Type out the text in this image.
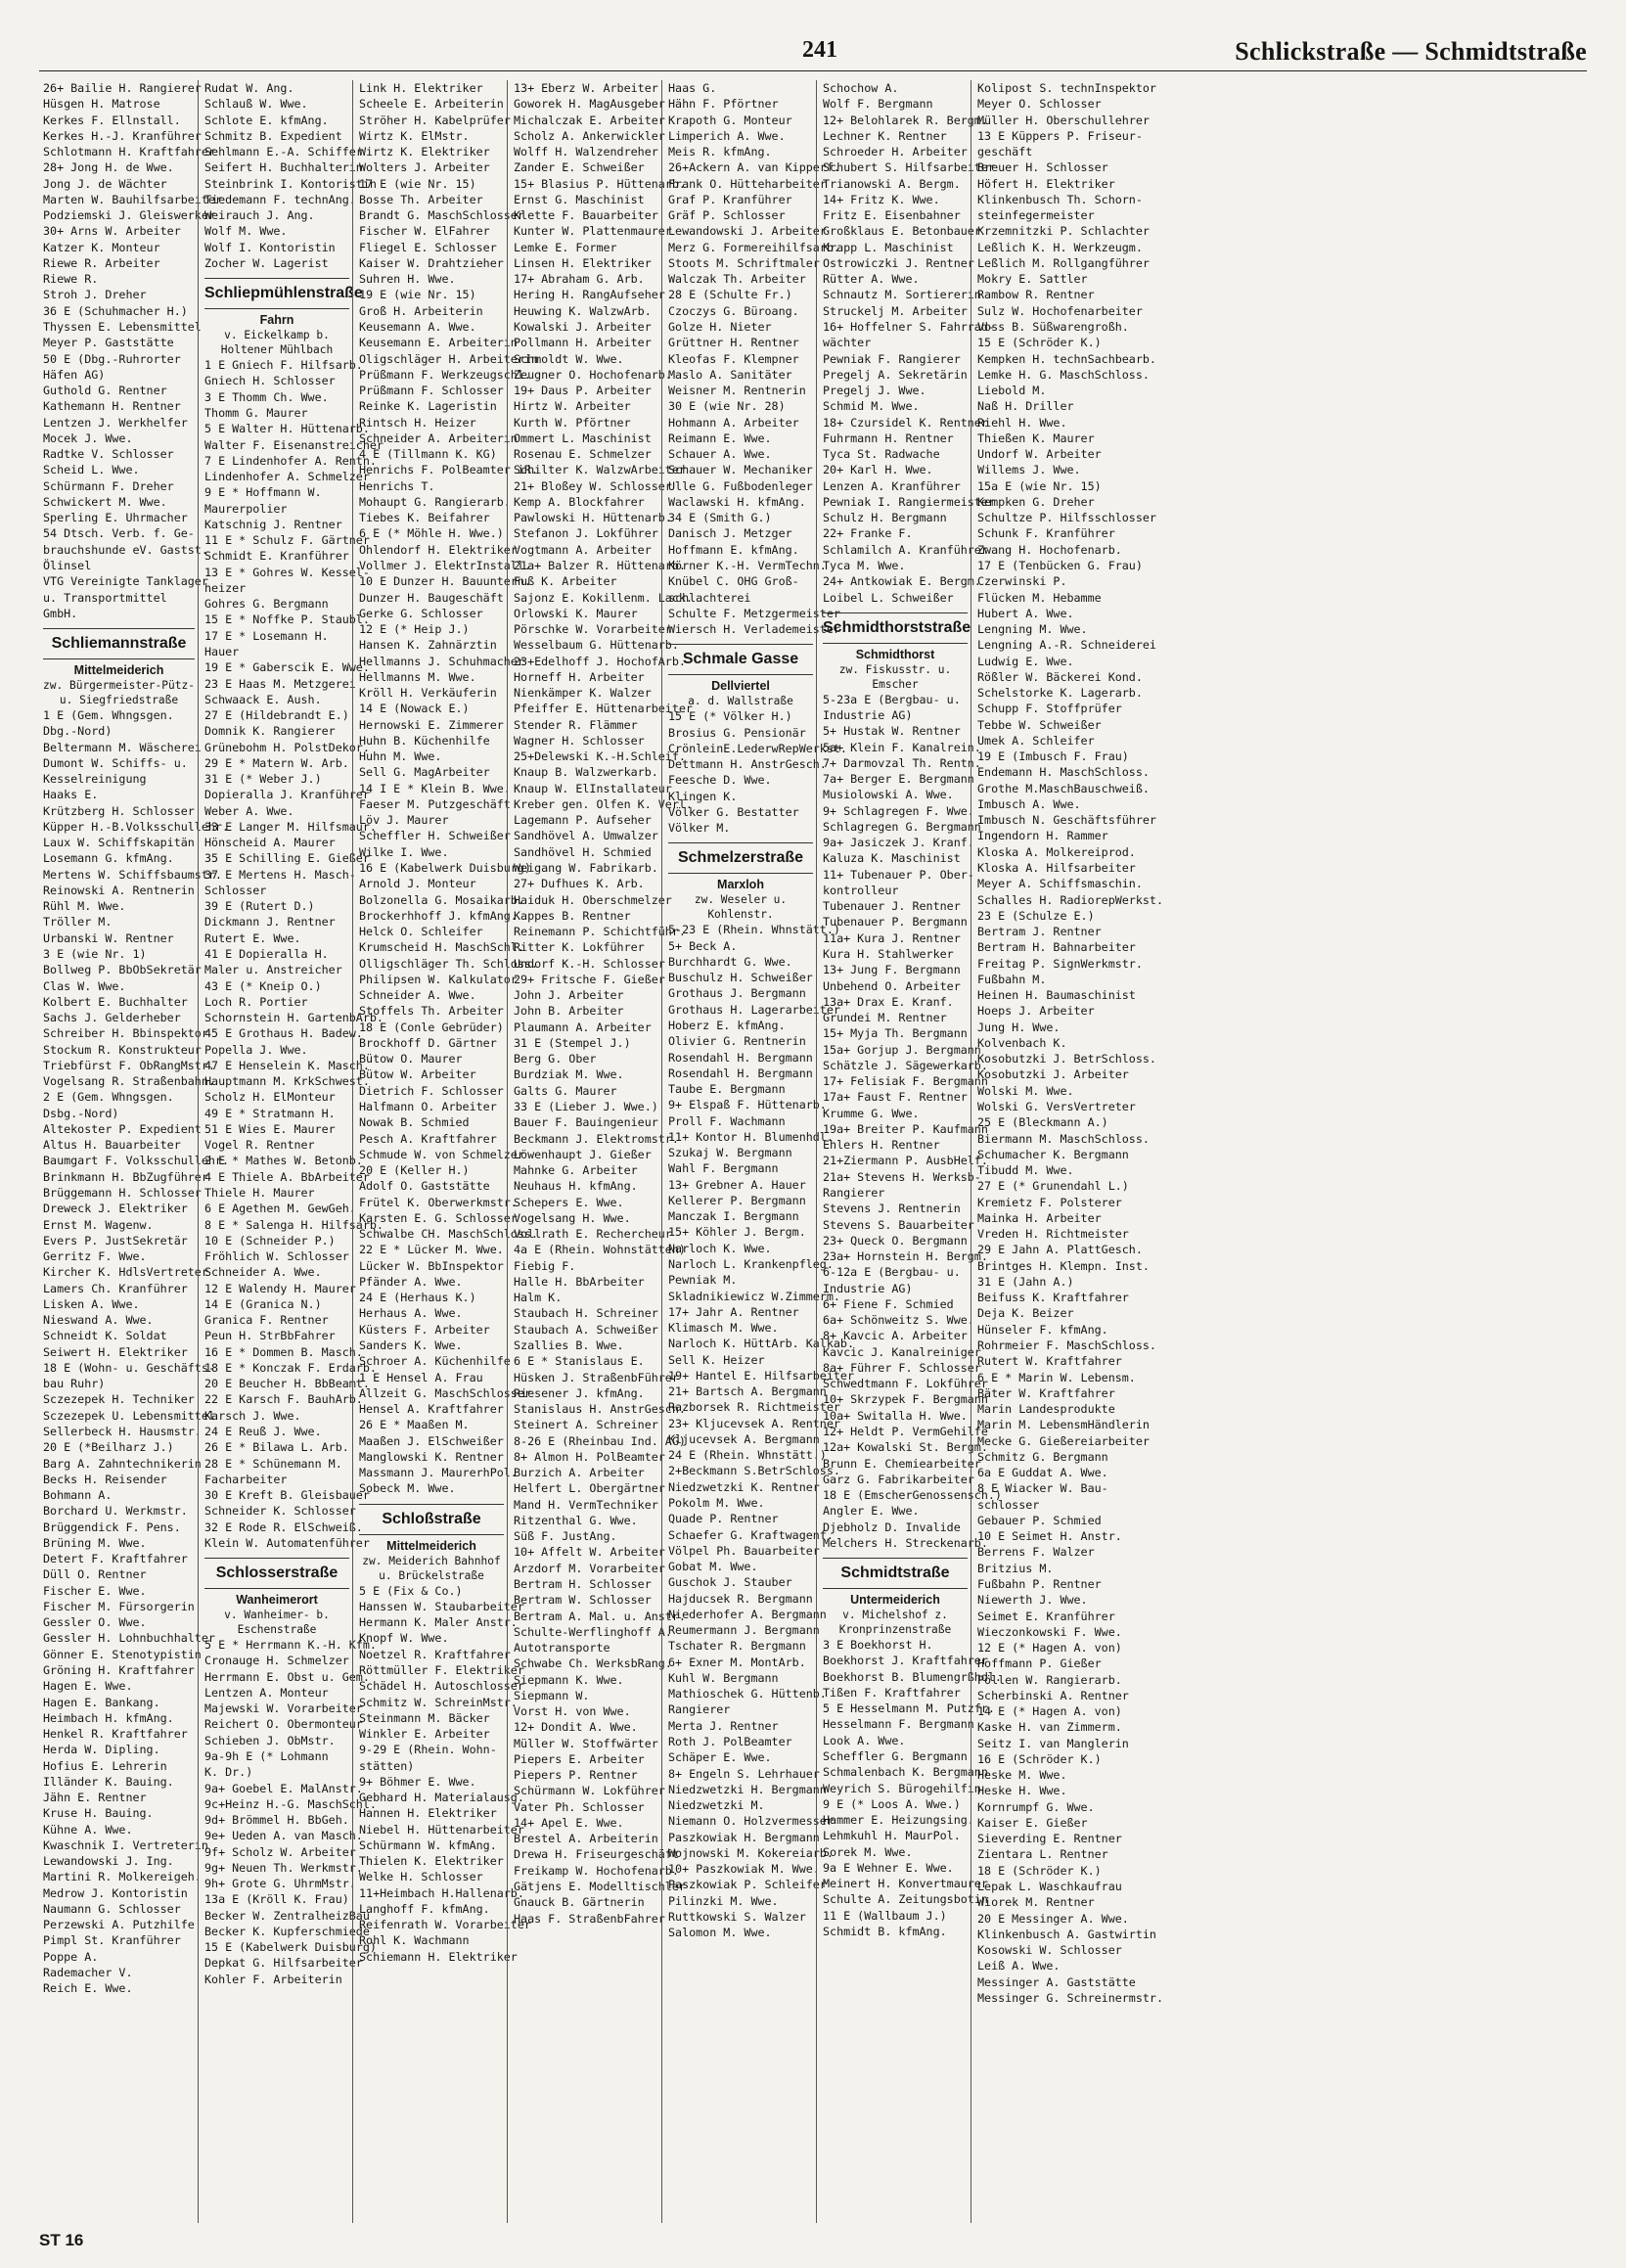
241	Schlickstraße — Schmidtstraße
26+ Bailie H. Rangierer
Hüsgen H. Matrose
Kerkes F. Ellnstall.
Kerkes H.-J. Kranführer
Schlotmann H. Kraftfahrer
28+ Jong H. de Wwe.
Jong J. de Wächter
Marten W. Bauhilfsarbeiter
Podziemski J. Gleiswerker
30+ Arns W. Arbeiter
Katzer K. Monteur
Riewe R. Arbeiter
Riewe R.
Stroh J. Dreher
36 E (Schuhmacher H.)
Thyssen E. Lebensmittel
Meyer P. Gaststätte
50 E (Dbg.-Ruhrorter
Häfen AG)
Guthold G. Rentner
Kathemann H. Rentner
Lentzen J. Werkhelfer
Mocek J. Wwe.
Radtke V. Schlosser
Scheid L. Wwe.
Schürmann F. Dreher
Schwickert M. Wwe.
Sperling E. Uhrmacher
54 Dtsch. Verb. f. Ge-
brauchshunde eV. Gastst.
Ölinsel
VTG Vereinigte Tanklager
u. Transportmittel
GmbH.
Schliemannstraße
Mittelmeiderich
zw. Bürgermeister-Pütz- u. Siegfriedstraße
1 E (Gem. Whngsgen.
Dbg.-Nord)
Beltermann M. Wäscherei
Dumont W. Schiffs- u.
Kesselreinigung
Haaks E.
Krützberg H. Schlosser
Küpper H.-B.Volksschullehr.
Laux W. Schiffskapitän
Losemann G. kfmAng.
Mertens W. Schiffsbaumstr.
Reinowski A. Rentnerin
Rühl M. Wwe.
Tröller M.
Urbanski W. Rentner
3 E (wie Nr. 1)
Bollweg P. BbObSekretär
Clas W. Wwe.
Kolbert E. Buchhalter
Sachs J. Gelderheber
Schreiber H. Bbinspektor
Stockum R. Konstrukteur
Triebfürst F. ObRangMstr.
Vogelsang R. Straßenbahn.
2 E (Gem. Whngsgen.
Dsbg.-Nord)
Altekoster P. Expedient
Altus H. Bauarbeiter
Baumgart F. Volksschullehr.
Brinkmann H. BbZugführer
Brüggemann H. Schlosser
Dreweck J. Elektriker
Ernst M. Wagenw.
Evers P. JustSekretär
Gerritz F. Wwe.
Kircher K. HdlsVertreter
Lamers Ch. Kranführer
Lisken A. Wwe.
Nieswand A. Wwe.
Schneidt K. Soldat
Seiwert H. Elektriker
18 E (Wohn- u. Geschäfts-
bau Ruhr)
Sczezepek H. Techniker
Sczezepek U. Lebensmittel
Sellerbeck H. Hausmstr.
20 E (*Beilharz J.)
Barg A. Zahntechnikerin
Becks H. Reisender
Bohmann A.
Borchard U. Werkmstr.
Brüggendick F. Pens.
Brüning M. Wwe.
Detert F. Kraftfahrer
Düll O. Rentner
Fischer E. Wwe.
Fischer M. Fürsorgerin
Gessler O. Wwe.
Gessler H. Lohnbuchhalter
Gönner E. Stenotypistin
Gröning H. Kraftfahrer
Hagen E. Wwe.
Hagen E. Bankang.
Heimbach H. kfmAng.
Henkel R. Kraftfahrer
Herda W. Dipling.
Hofius E. Lehrerin
Illänder K. Bauing.
Jähn E. Rentner
Kruse H. Bauing.
Kühne A. Wwe.
Kwaschnik I. Vertreterin
Lewandowski J. Ing.
Martini R. Molkereigeh.
Medrow J. Kontoristin
Naumann G. Schlosser
Perzewski A. Putzhilfe
Pimpl St. Kranführer
Poppe A.
Rademacher V.
Reich E. Wwe.
Rudat W. Ang.
Schlauß W. Wwe.
Schlote E. kfmAng.
Schmitz B. Expedient
Sehlmann E.-A. Schiffer
Seifert H. Buchhalterin
Steinbrink I. Kontoristin
Tiedemann F. technAng.
Weirauch J. Ang.
Wolf M. Wwe.
Wolf I. Kontoristin
Zocher W. Lagerist
Schliepmühlenstraße
Fahrn
v. Eickelkamp b. Holtener Mühlbach
1 E Gniech F. Hilfsarb.
Gniech H. Schlosser
3 E Thomm Ch. Wwe.
Thomm G. Maurer
5 E Walter H. Hüttenarb.
Walter F. Eisenanstreicher
7 E Lindenhofer A. Rentn.
Lindenhofer A. Schmelzer
9 E * Hoffmann W.
Maurerpolier
Katschnig J. Rentner
11 E * Schulz F. Gärtner
Schmidt E. Kranführer
13 E * Gohres W. Kessel-
heizer
Gohres G. Bergmann
15 E * Noffke P. Staubl.
17 E * Losemann H.
Hauer
19 E * Gaberscik E. Wwe.
23 E Haas M. Metzgerei
Schwaack E. Aush.
27 E (Hildebrandt E.)
Domnik K. Rangierer
Grünebohm H. PolstDekor.
29 E * Matern W. Arb.
31 E (* Weber J.)
Dopieralla J. Kranführer
Weber A. Wwe.
33 E Langer M. Hilfsmaur.
Hönscheid A. Maurer
35 E Schilling E. Gießer
37 E Mertens H. Masch-
Schlosser
39 E (Rutert D.)
Dickmann J. Rentner
Rutert E. Wwe.
41 E Dopieralla H.
Maler u. Anstreicher
43 E (* Kneip O.)
Loch R. Portier
Schornstein H. GartenbArb.
45 E Grothaus H. Badew.
Popella J. Wwe.
47 E Henselein K. Masch.
Hauptmann M. KrkSchwest.
Scholz H. ElMonteur
49 E * Stratmann H.
51 E Wies E. Maurer
Vogel R. Rentner
2 E * Mathes W. Betonb.
4 E Thiele A. BbArbeiter
Thiele H. Maurer
6 E Agethen M. GewGeh.
8 E * Salenga H. Hilfsarb.
10 E (Schneider P.)
Fröhlich W. Schlosser
Schneider A. Wwe.
12 E Walendy H. Maurer
14 E (Granica N.)
Granica F. Rentner
Peun H. StrBbFahrer
16 E * Dommen B. Masch.
18 E * Konczak F. Erdarb.
20 E Beucher H. BbBeamt.
22 E Karsch F. BauhArb.
Karsch J. Wwe.
24 E Reuß J. Wwe.
26 E * Bilawa L. Arb.
28 E * Schünemann M.
Facharbeiter
30 E Kreft B. Gleisbauer
Schneider K. Schlosser
32 E Rode R. ElSchweiß.
Klein W. Automatenführer
Schlosserstraße
Wanheimerort
v. Wanheimer- b. Eschenstraße
5 E * Herrmann K.-H. Kfm.
Cronauge H. Schmelzer
Herrmann E. Obst u. Gem.
Lentzen A. Monteur
Majewski W. Vorarbeiter
Reichert O. Obermonteur
Schieben J. ObMstr.
9a-9h E (* Lohmann
K. Dr.)
9a+ Goebel E. MalAnstr.
9c+Heinz H.-G. MaschSchl.
9d+ Brömmel H. BbGeh.
9e+ Ueden A. van Masch.
9f+ Scholz W. Arbeiter
9g+ Neuen Th. Werkmstr.
9h+ Grote G. UhrmMstr.
13a E (Kröll K. Frau)
Becker W. ZentralheizBau
Becker K. Kupferschmiede
15 E (Kabelwerk Duisburg)
Depkat G. Hilfsarbeiter
Kohler F. Arbeiterin
Link H. Elektriker
Scheele E. Arbeiterin
Ströher H. Kabelprüfer
Wirtz K. ElMstr.
Wirtz K. Elektriker
Wolters J. Arbeiter
17 E (wie Nr. 15)
Bosse Th. Arbeiter
Brandt G. MaschSchlosser
Fischer W. ElFahrer
Fliegel E. Schlosser
Kaiser W. Drahtzieher
Suhren H. Wwe.
19 E (wie Nr. 15)
Groß H. Arbeiterin
Keusemann A. Wwe.
Keusemann E. Arbeiterin
Oligschläger H. Arbeiterin
Prüßmann F. Werkzeugschl.
Prüßmann F. Schlosser
Reinke K. Lageristin
Rintsch H. Heizer
Schneider A. Arbeiterin
4 E (Tillmann K. KG)
Henrichs F. PolBeamter iR.
Henrichs T.
Mohaupt G. Rangierarb.
Tiebes K. Beifahrer
6 E (* Möhle H. Wwe.)
Ohlendorf H. Elektriker
Vollmer J. ElektrInstall.
10 E Dunzer H. Bauuntern.
Dunzer H. Baugeschäft
Gerke G. Schlosser
12 E (* Heip J.)
Hansen K. Zahnärztin
Hellmanns J. Schuhmacher
Hellmanns M. Wwe.
Kröll H. Verkäuferin
14 E (Nowack E.)
Hernowski E. Zimmerer
Huhn B. Küchenhilfe
Huhn M. Wwe.
Sell G. MagArbeiter
14 I E * Klein B. Wwe.
Faeser M. Putzgeschäft
Löv J. Maurer
Scheffler H. Schweißer
Wilke I. Wwe.
16 E (Kabelwerk Duisburg)
Arnold J. Monteur
Bolzonella G. Mosaikarb.
Brockerhhoff J. kfmAng.
Helck O. Schleifer
Krumscheid H. MaschSchl.
Olligschläger Th. Schloss.
Philipsen W. Kalkulator
Schneider A. Wwe.
Stoffels Th. Arbeiter
18 E (Conle Gebrüder)
Brockhoff D. Gärtner
Bütow O. Maurer
Bütow W. Arbeiter
Dietrich F. Schlosser
Halfmann O. Arbeiter
Nowak B. Schmied
Pesch A. Kraftfahrer
Schmude W. von Schmelzer
20 E (Keller H.)
Adolf O. Gaststätte
Frütel K. Oberwerkmstr.
Karsten E. G. Schlosser
Schwalbe CH. MaschSchloss.
22 E * Lücker M. Wwe.
Lücker W. BbInspektor
Pfänder A. Wwe.
24 E (Herhaus K.)
Herhaus A. Wwe.
Küsters F. Arbeiter
Sanders K. Wwe.
Schroer A. Küchenhilfe
1 E Hensel A. Frau
Allzeit G. MaschSchlosser
Hensel A. Kraftfahrer
26 E * Maaßen M.
Maaßen J. ElSchweißer
Manglowski K. Rentner
Massmann J. MaurerhPol.
Sobeck M. Wwe.
Schloßstraße
Mittelmeiderich
zw. Meiderich Bahnhof u. Brückelstraße
5 E (Fix & Co.)
Hanssen W. Staubarbeiter
Hermann K. Maler Anstr.
Knopf W. Wwe.
Noetzel R. Kraftfahrer
Röttmüller F. Elektriker
Schädel H. Autoschlosser
Schmitz W. SchreinMstr.
Steinmann M. Bäcker
Winkler E. Arbeiter
9-29 E (Rhein. Wohn-
stätten)
9+ Böhmer E. Wwe.
Gebhard H. Materialausg.
Hannen H. Elektriker
Niebel H. Hüttenarbeiter
Schürmann W. kfmAng.
Thielen K. Elektriker
Welke H. Schlosser
11+Heimbach H.Hallenarb.
Langhoff F. kfmAng.
Reifenrath W. Vorarbeiter
Rohl K. Wachmann
Schiemann H. Elektriker
13+ Eberz W. Arbeiter
Goworek H. MagAusgeber
Michalczak E. Arbeiter
Scholz A. Ankerwickler
Wolff H. Walzendreher
Zander E. Schweißer
15+ Blasius P. Hüttenarb.
Ernst G. Maschinist
Klette F. Bauarbeiter
Kunter W. Plattenmaurer
Lemke E. Former
Linsen H. Elektriker
17+ Abraham G. Arb.
Hering H. RangAufseher
Heuwing K. WalzwArb.
Kowalski J. Arbeiter
Pollmann H. Arbeiter
Schmoldt W. Wwe.
Zeugner O. Hochofenarb.
19+ Daus P. Arbeiter
Hirtz W. Arbeiter
Kurth W. Pförtner
Ommert L. Maschinist
Rosenau E. Schmelzer
Schilter K. WalzwArbeiter
21+ Bloßey W. Schlosser
Kemp A. Blockfahrer
Pawlowski H. Hüttenarb.
Stefanon J. Lokführer
Vogtmann A. Arbeiter
21a+ Balzer R. Hüttenarb.
Fuß K. Arbeiter
Sajonz E. Kokillenm. Lack.
Orlowski K. Maurer
Pörschke W. Vorarbeiter
Wesselbaum G. Hüttenarb.
23+Edelhoff J. HochofArb.
Horneff H. Arbeiter
Nienkämper K. Walzer
Pfeiffer E. Hüttenarbeiter
Stender R. Flämmer
Wagner H. Schlosser
25+Delewski K.-H.Schleif.
Knaup B. Walzwerkarb.
Knaup W. ElInstallateur
Kreber gen. Olfen K. Verl.
Lagemann P. Aufseher
Sandhövel A. Umwalzer
Sandhövel H. Schmied
Weigang W. Fabrikarb.
27+ Dufhues K. Arb.
Haiduk H. Oberschmelzer
Kappes B. Rentner
Reinemann P. Schichtführ.
Ritter K. Lokführer
Undorf K.-H. Schlosser
29+ Fritsche F. Gießer
John J. Arbeiter
John B. Arbeiter
Plaumann A. Arbeiter
31 E (Stempel J.)
Berg G. Ober
Burdziak M. Wwe.
Galts G. Maurer
33 E (Lieber J. Wwe.)
Bauer F. Bauingenieur
Beckmann J. Elektromstr.
Löwenhaupt J. Gießer
Mahnke G. Arbeiter
Neuhaus H. kfmAng.
Schepers E. Wwe.
Vogelsang H. Wwe.
Vollrath E. Rechercheur
4a E (Rhein. Wohnstätten)
Fiebig F.
Halle H. BbArbeiter
Halm K.
Staubach H. Schreiner
Staubach A. Schweißer
Szallies B. Wwe.
6 E * Stanislaus E.
Hüsken J. StraßenbFührer
Riesener J. kfmAng.
Stanislaus H. AnstrGesch.
Steinert A. Schreiner
8-26 E (Rheinbau Ind. AG)
8+ Almon H. PolBeamter
Burzich A. Arbeiter
Helfert L. Obergärtner
Mand H. VermTechniker
Ritzenthal G. Wwe.
Süß F. JustAng.
10+ Affelt W. Arbeiter
Arzdorf M. Vorarbeiter
Bertram H. Schlosser
Bertram W. Schlosser
Bertram A. Mal. u. Anstr.
Schulte-Werflinghoff A.
Autotransporte
Schwabe Ch. WerksbRang.
Siepmann K. Wwe.
Siepmann W.
Vorst H. von Wwe.
12+ Dondit A. Wwe.
Müller W. Stoffwärter
Piepers E. Arbeiter
Piepers P. Rentner
Schürmann W. Lokführer
Vater Ph. Schlosser
14+ Apel E. Wwe.
Brestel A. Arbeiterin
Drewa H. Friseurgeschäft
Freikamp W. Hochofenarb.
Gätjens E. Modelltischler
Gnauck B. Gärtnerin
Haas F. StraßenbFahrer
Haas G.
Hähn F. Pförtner
Krapoth G. Monteur
Limperich A. Wwe.
Meis R. kfmAng.
26+Ackern A. van Kipperf.
Frank O. Hütteharbeiter
Graf P. Kranführer
Gräf P. Schlosser
Lewandowski J. Arbeiter
Merz G. Formereihilfsarb.
Stoots M. Schriftmaler
Walczak Th. Arbeiter
28 E (Schulte Fr.)
Czoczys G. Büroang.
Golze H. Nieter
Grüttner H. Rentner
Kleofas F. Klempner
Maslo A. Sanitäter
Weisner M. Rentnerin
30 E (wie Nr. 28)
Hohmann A. Arbeiter
Reimann E. Wwe.
Schauer A. Wwe.
Schauer W. Mechaniker
Ulle G. Fußbodenleger
Waclawski H. kfmAng.
34 E (Smith G.)
Danisch J. Metzger
Hoffmann E. kfmAng.
Körner K.-H. VermTechn.
Knübel C. OHG Groß-
schlachterei
Schulte F. Metzgermeister
Wiersch H. Verlademeister
Schmale Gasse
Dellviertel
a. d. Wallstraße
15 E (* Völker H.)
Brosius G. Pensionär
CrönleinE.LederwRepWerkst.
Dettmann H. AnstrGesch.
Feesche D. Wwe.
Klingen K.
Völker G. Bestatter
Völker M.
Schmelzerstraße
Marxloh
zw. Weseler u. Kohlenstr.
5-23 E (Rhein. Whnstätt.)
5+ Beck A.
Burchhardt G. Wwe.
Buschulz H. Schweißer
Grothaus J. Bergmann
Grothaus H. Lagerarbeiter
Hoberz E. kfmAng.
Olivier G. Rentnerin
Rosendahl H. Bergmann
Rosendahl H. Bergmann
Taube E. Bergmann
9+ Elspaß F. Hüttenarb.
Proll F. Wachmann
11+ Kontor H. Blumenhdl.
Szukaj W. Bergmann
Wahl F. Bergmann
13+ Grebner A. Hauer
Kellerer P. Bergmann
Manczak I. Bergmann
15+ Köhler J. Bergm.
Narloch K. Wwe.
Narloch L. Krankenpfleg.
Pewniak M.
Skladnikiewicz W.Zimmerm.
17+ Jahr A. Rentner
Klimasch M. Wwe.
Narloch K. HüttArb. Kalkab.
Sell K. Heizer
19+ Hantel E. Hilfsarbeiter
21+ Bartsch A. Bergmann
Razborsek R. Richtmeister
23+ Kljucevsek A. Rentner
Kljucevsek A. Bergmann
24 E (Rhein. Whnstätt.)
2+Beckmann S.BetrSchloss.
Niedzwetzki K. Rentner
Pokolm M. Wwe.
Quade P. Rentner
Schaefer G. Kraftwagenf.
Völpel Ph. Bauarbeiter
Gobat M. Wwe.
Guschok J. Stauber
Hajducsek R. Bergmann
Niederhofer A. Bergmann
Reumermann J. Bergmann
Tschater R. Bergmann
6+ Exner M. MontArb.
Kuhl W. Bergmann
Mathioschek G. Hüttenb.
Rangierer
Merta J. Rentner
Roth J. PolBeamter
Schäper E. Wwe.
8+ Engeln S. Lehrhauer
Niedzwetzki H. Bergmann
Niedzwetzki M.
Niemann O. Holzvermesser
Paszkowiak H. Bergmann
Wojnowski M. Kokereiarb.
10+ Paszkowiak M. Wwe.
Paszkowiak P. Schleifer
Pilinzki M. Wwe.
Ruttkowski S. Walzer
Salomon M. Wwe.
Schochow A.
Wolf F. Bergmann
12+ Belohlarek R. Bergm.
Lechner K. Rentner
Schroeder H. Arbeiter
Schubert S. Hilfsarbeiter
Trianowski A. Bergm.
14+ Fritz K. Wwe.
Fritz E. Eisenbahner
Großklaus E. Betonbauer
Krapp L. Maschinist
Ostrowiczki J. Rentner
Rütter A. Wwe.
Schnautz M. Sortiererin
Struckelj M. Arbeiter
16+ Hoffelner S. Fahrrad-
wächter
Pewniak F. Rangierer
Pregelj A. Sekretärin
Pregelj J. Wwe.
Schmid M. Wwe.
18+ Czursidel K. Rentner
Fuhrmann H. Rentner
Tyca St. Radwache
20+ Karl H. Wwe.
Lenzen A. Kranführer
Pewniak I. Rangiermeister
Schulz H. Bergmann
22+ Franke F.
Schlamilch A. Kranführer
Tyca M. Wwe.
24+ Antkowiak E. Bergm.
Loibel L. Schweißer
Schmidthorststraße
Schmidthorst
zw. Fiskusstr. u. Emscher
5-23a E (Bergbau- u.
Industrie AG)
5+ Hustak W. Rentner
5a+ Klein F. Kanalrein.
7+ Darmovzal Th. Rentn.
7a+ Berger E. Bergmann
Musiolowski A. Wwe.
9+ Schlagregen F. Wwe.
Schlagregen G. Bergmann
9a+ Jasiczek J. Kranf.
Kaluza K. Maschinist
11+ Tubenauer P. Ober-
kontrolleur
Tubenauer J. Rentner
Tubenauer P. Bergmann
11a+ Kura J. Rentner
Kura H. Stahlwerker
13+ Jung F. Bergmann
Unbehend O. Arbeiter
13a+ Drax E. Kranf.
Grundei M. Rentner
15+ Myja Th. Bergmann
15a+ Gorjup J. Bergmann
Schätzle J. Sägewerkarb.
17+ Felisiak F. Bergmann
17a+ Faust F. Rentner
Krumme G. Wwe.
19a+ Breiter P. Kaufmann
Ehlers H. Rentner
21+Ziermann P. AusbHelf.
21a+ Stevens H. Werksb-
Rangierer
Stevens J. Rentnerin
Stevens S. Bauarbeiter
23+ Queck O. Bergmann
23a+ Hornstein H. Bergm.
6-12a E (Bergbau- u.
Industrie AG)
6+ Fiene F. Schmied
6a+ Schönweitz S. Wwe.
8+ Kavcic A. Arbeiter
Kavcic J. Kanalreiniger
8a+ Führer F. Schlosser
Schwedtmann F. Lokführer
10+ Skrzypek F. Bergmann
10a+ Switalla H. Wwe.
12+ Heldt P. VermGehilfe
12a+ Kowalski St. Bergm.
Brunn E. Chemiearbeiter
Garz G. Fabrikarbeiter
18 E (EmscherGenossensch.)
Angler E. Wwe.
Djebholz D. Invalide
Melchers H. Streckenarb.
Schmidtstraße
Untermeiderich
v. Michelshof z. Kronprinzenstraße
3 E Boekhorst H.
Boekhorst J. Kraftfahrer
Boekhorst B. Blumengrßhdl.
Tißen F. Kraftfahrer
5 E Hesselmann M. Putzfr.
Hesselmann F. Bergmann
Look A. Wwe.
Scheffler G. Bergmann
Schmalenbach K. Bergmann
Weyrich S. Bürogehilfin
9 E (* Loos A. Wwe.)
Hammer E. Heizungsing.
Lehmkuhl H. MaurPol.
Sorek M. Wwe.
9a E Wehner E. Wwe.
Meinert H. Konvertmaurer
Schulte A. Zeitungsbotin
11 E (Wallbaum J.)
Schmidt B. kfmAng.
Kolipost S. technInspektor
Meyer O. Schlosser
Müller H. Oberschullehrer
13 E Küppers P. Friseur-
geschäft
Breuer H. Schlosser
Höfert H. Elektriker
Klinkenbusch Th. Schorn-
steinfegermeister
Krzemnitzki P. Schlachter
Leßlich K. H. Werkzeugm.
Leßlich M. Rollgangführer
Mokry E. Sattler
Rambow R. Rentner
Sulz W. Hochofenarbeiter
Voss B. Süßwarengroßh.
15 E (Schröder K.)
Kempken H. technSachbearb.
Lemke H. G. MaschSchloss.
Liebold M.
Naß H. Driller
Riehl H. Wwe.
Thießen K. Maurer
Undorf W. Arbeiter
Willems J. Wwe.
15a E (wie Nr. 15)
Kempken G. Dreher
Schultze P. Hilfsschlosser
Schunk F. Kranführer
Zwang H. Hochofenarb.
17 E (Tenbücken G. Frau)
Czerwinski P.
Flücken M. Hebamme
Hubert A. Wwe.
Lengning M. Wwe.
Lengning A.-R. Schneiderei
Ludwig E. Wwe.
Rößler W. Bäckerei Kond.
Schelstorke K. Lagerarb.
Schupp F. Stoffprüfer
Tebbe W. Schweißer
Umek A. Schleifer
19 E (Imbusch F. Frau)
Endemann H. MaschSchloss.
Grothe M.MaschBauschweiß.
Imbusch A. Wwe.
Imbusch N. Geschäftsführer
Ingendorn H. Rammer
Kloska A. Molkereiprod.
Kloska A. Hilfsarbeiter
Meyer A. Schiffsmaschin.
Schalles H. RadiorepWerkst.
23 E (Schulze E.)
Bertram J. Rentner
Bertram H. Bahnarbeiter
Freitag P. SignWerkmstr.
Fußbahn M.
Heinen H. Baumaschinist
Hoeps J. Arbeiter
Jung H. Wwe.
Kolvenbach K.
Kosobutzki J. BetrSchloss.
Kosobutzki J. Arbeiter
Wolski M. Wwe.
Wolski G. VersVertreter
25 E (Bleckmann A.)
Biermann M. MaschSchloss.
Schumacher K. Bergmann
Tibudd M. Wwe.
27 E (* Grunendahl L.)
Kremietz F. Polsterer
Mainka H. Arbeiter
Vreden H. Richtmeister
29 E Jahn A. PlattGesch.
Brintges H. Klempn. Inst.
31 E (Jahn A.)
Beifuss K. Kraftfahrer
Deja K. Beizer
Hünseler F. kfmAng.
Rohrmeier F. MaschSchloss.
Rutert W. Kraftfahrer
6 E * Marin W. Lebensm.
Bäter W. Kraftfahrer
Marin Landesprodukte
Marin M. LebensmHändlerin
Mecke G. Gießereiarbeiter
Schmitz G. Bergmann
6a E Guddat A. Wwe.
8 E Wiacker W. Bau-
schlosser
Gebauer P. Schmied
10 E Seimet H. Anstr.
Berrens F. Walzer
Britzius M.
Fußbahn P. Rentner
Niewerth J. Wwe.
Seimet E. Kranführer
Wieczonkowski F. Wwe.
12 E (* Hagen A. von)
Hoffmann P. Gießer
Pöllen W. Rangierarb.
Scherbinski A. Rentner
14 E (* Hagen A. von)
Kaske H. van Zimmerm.
Seitz I. van Manglerin
16 E (Schröder K.)
Heske M. Wwe.
Heske H. Wwe.
Kornrumpf G. Wwe.
Kaiser E. Gießer
Sieverding E. Rentner
Zientara L. Rentner
18 E (Schröder K.)
Lepak L. Waschkaufrau
Wiorek M. Rentner
20 E Messinger A. Wwe.
Klinkenbusch A. Gastwirtin
Kosowski W. Schlosser
Leiß A. Wwe.
Messinger A. Gaststätte
Messinger G. Schreinermstr.
ST 16
